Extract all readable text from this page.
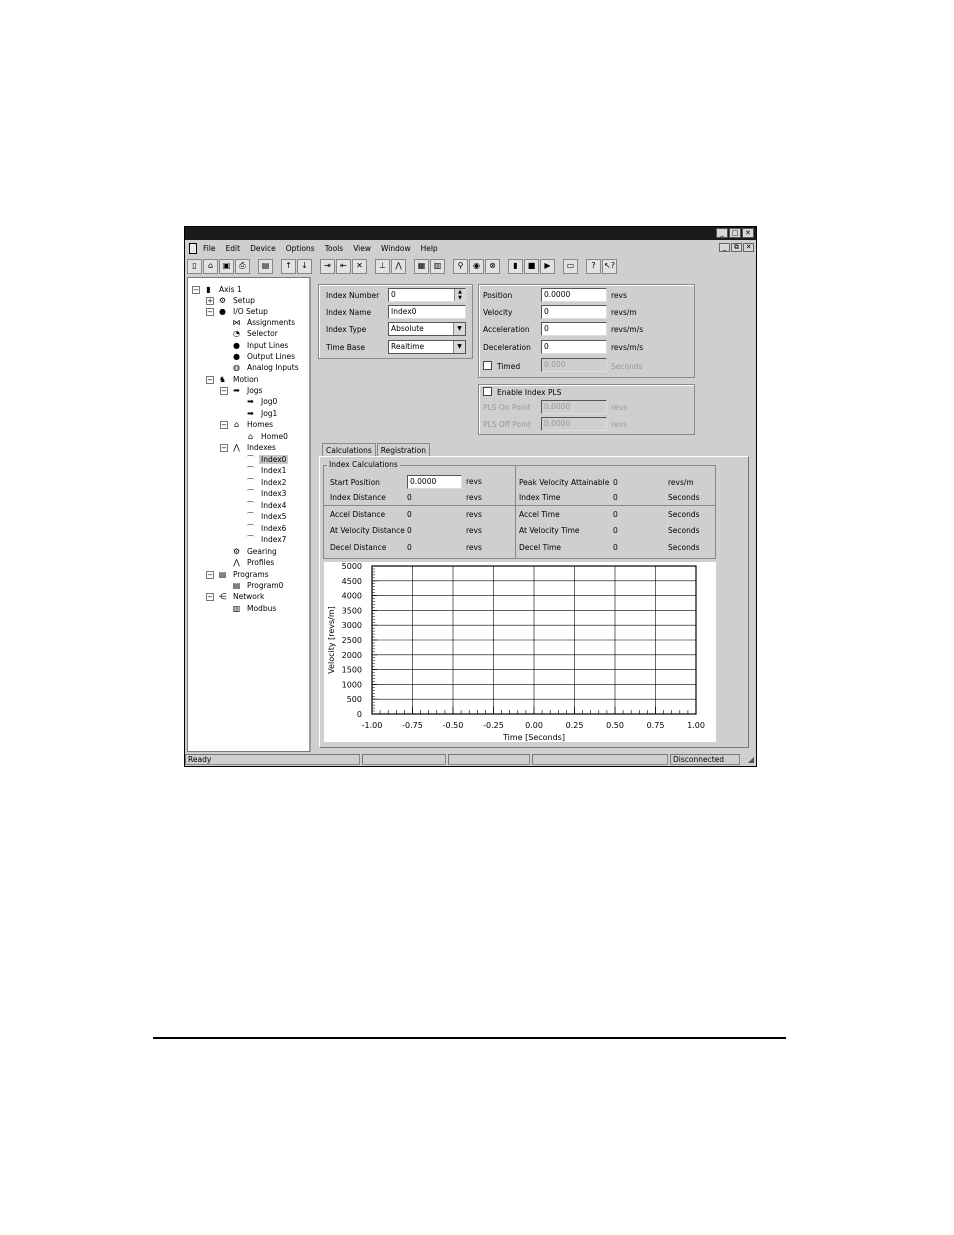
_	□ ✕
File Edit Device Options Tools View Window Help	_	⧉ ✕
▯	⌂	▣	⎙	▤	↑	↓	⇥	⇤	✕	⊥	⋀	▦	▥	⚲	◉	⊗	▮	■	▶	▭	?	↖?
− ▮	Axis 1
+ ⚙ Setup
− ● I/O Setup
⋈ Assignments
◔ Selector
● Input Lines
● Output Lines
◍ Analog Inputs
− ♞ Motion
− ➡ Jogs
➡ Jog0
➡ Jog1
− ⌂	Homes
⌂	Home0
− ⋀ Indexes
⌒ Index0
⌒ Index1
⌒ Index2
⌒ Index3
⌒ Index4
⌒ Index5
⌒ Index6
⌒ Index7
⚙ Gearing
⋀ Profiles
− ▤ Programs
▤ Program0
− ⋲ Network
▥ Modbus
Index Number	0	▲
▼
Index Name	Index0
Index Type	Absolute	▼
Time Base	Realtime	▼
Position	0.0000	revs
Velocity	0	revs/m
Acceleration	0	revs/m/s
Deceleration	0	revs/m/s
Timed	0.000	Seconds
Enable Index PLS
PLS On Point	0.0000	revs
PLS Off Point	0.0000	revs
Calculations	Registration
Index Calculations
Start Position	0.0000	revs
Index Distance	0	revs
Accel Distance	0	revs
At Velocity Distance 0	revs
Decel Distance	0	revs
Peak Velocity Attainable 0	revs/m
Index Time	0	Seconds
Accel Time	0	Seconds
At Velocity Time	0	Seconds
Decel Time	0	Seconds
-1.00 -0.75 -0.50 -0.25	0.00	0.25	0.50	0.75	1.00
0
500
1000
1500
2000
2500
3000
3500
4000
4500
5000
Time [Seconds]
Velocity [revs/m]
Ready	Disconnected	◢
